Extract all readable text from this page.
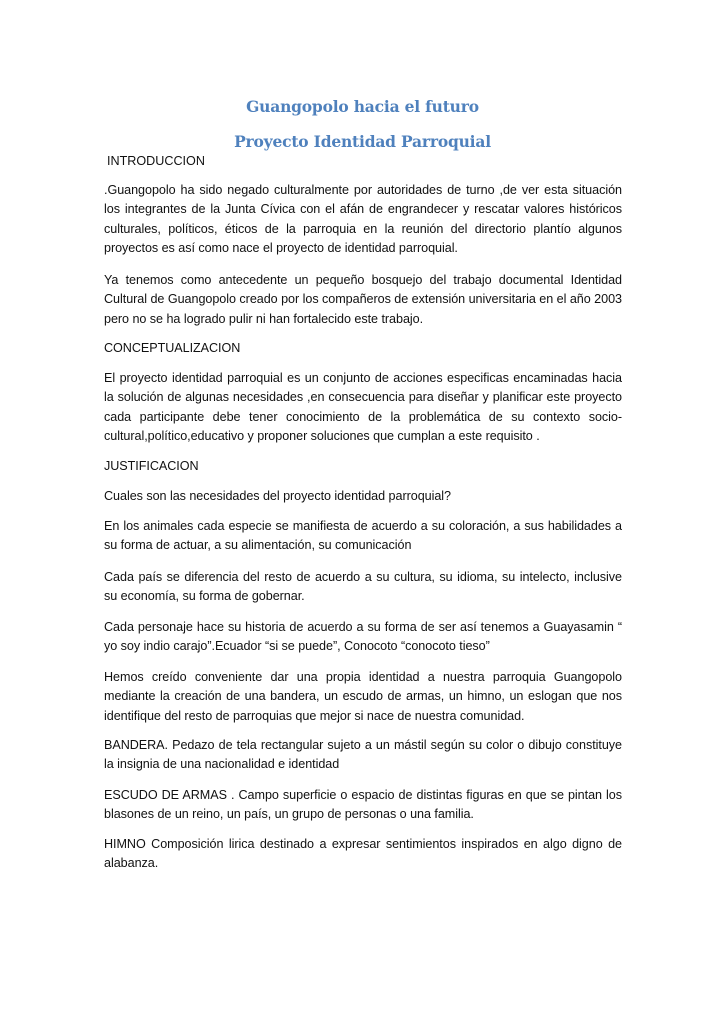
Guangopolo hacia el futuro
Proyecto Identidad Parroquial

INTRODUCCION

.Guangopolo ha sido negado culturalmente por autoridades de turno ,de ver esta situación los integrantes de la Junta Cívica con el afán de engrandecer y rescatar valores históricos culturales, políticos, éticos de la parroquia en la reunión del directorio plantío algunos proyectos es así como nace el proyecto de identidad parroquial.

Ya tenemos como antecedente un pequeño bosquejo del trabajo documental Identidad Cultural de Guangopolo creado por los compañeros de extensión universitaria en el año 2003 pero no se ha logrado pulir ni han fortalecido este trabajo.

CONCEPTUALIZACION

El proyecto identidad parroquial es un conjunto de acciones especificas encaminadas hacia la solución de algunas necesidades ,en consecuencia para diseñar y planificar este proyecto cada participante debe tener conocimiento de la problemática de su contexto socio-cultural,político,educativo y proponer soluciones que cumplan a este requisito .

JUSTIFICACION

Cuales son las necesidades del proyecto identidad parroquial?

En los animales cada especie se manifiesta de acuerdo a su coloración, a sus habilidades a su forma de actuar, a su alimentación, su comunicación

Cada país se diferencia del resto de acuerdo a su cultura, su idioma, su intelecto, inclusive su economía, su forma de gobernar.

Cada personaje hace su historia de acuerdo a su forma de ser así tenemos a Guayasamin “ yo soy indio carajo”.Ecuador “si se puede”, Conocoto “conocoto tieso”

Hemos creído conveniente dar una propia identidad a nuestra parroquia Guangopolo mediante la creación de una bandera, un escudo de armas, un himno, un eslogan que nos identifique del resto de parroquias que mejor si nace de nuestra comunidad.

BANDERA. Pedazo de tela rectangular sujeto a un mástil según su color o dibujo constituye la insignia de una nacionalidad e identidad

ESCUDO DE ARMAS . Campo superficie o espacio de distintas figuras en que se pintan los blasones de un reino, un país, un grupo de personas o una familia.

HIMNO Composición lirica destinado a expresar sentimientos inspirados en algo digno de alabanza.
